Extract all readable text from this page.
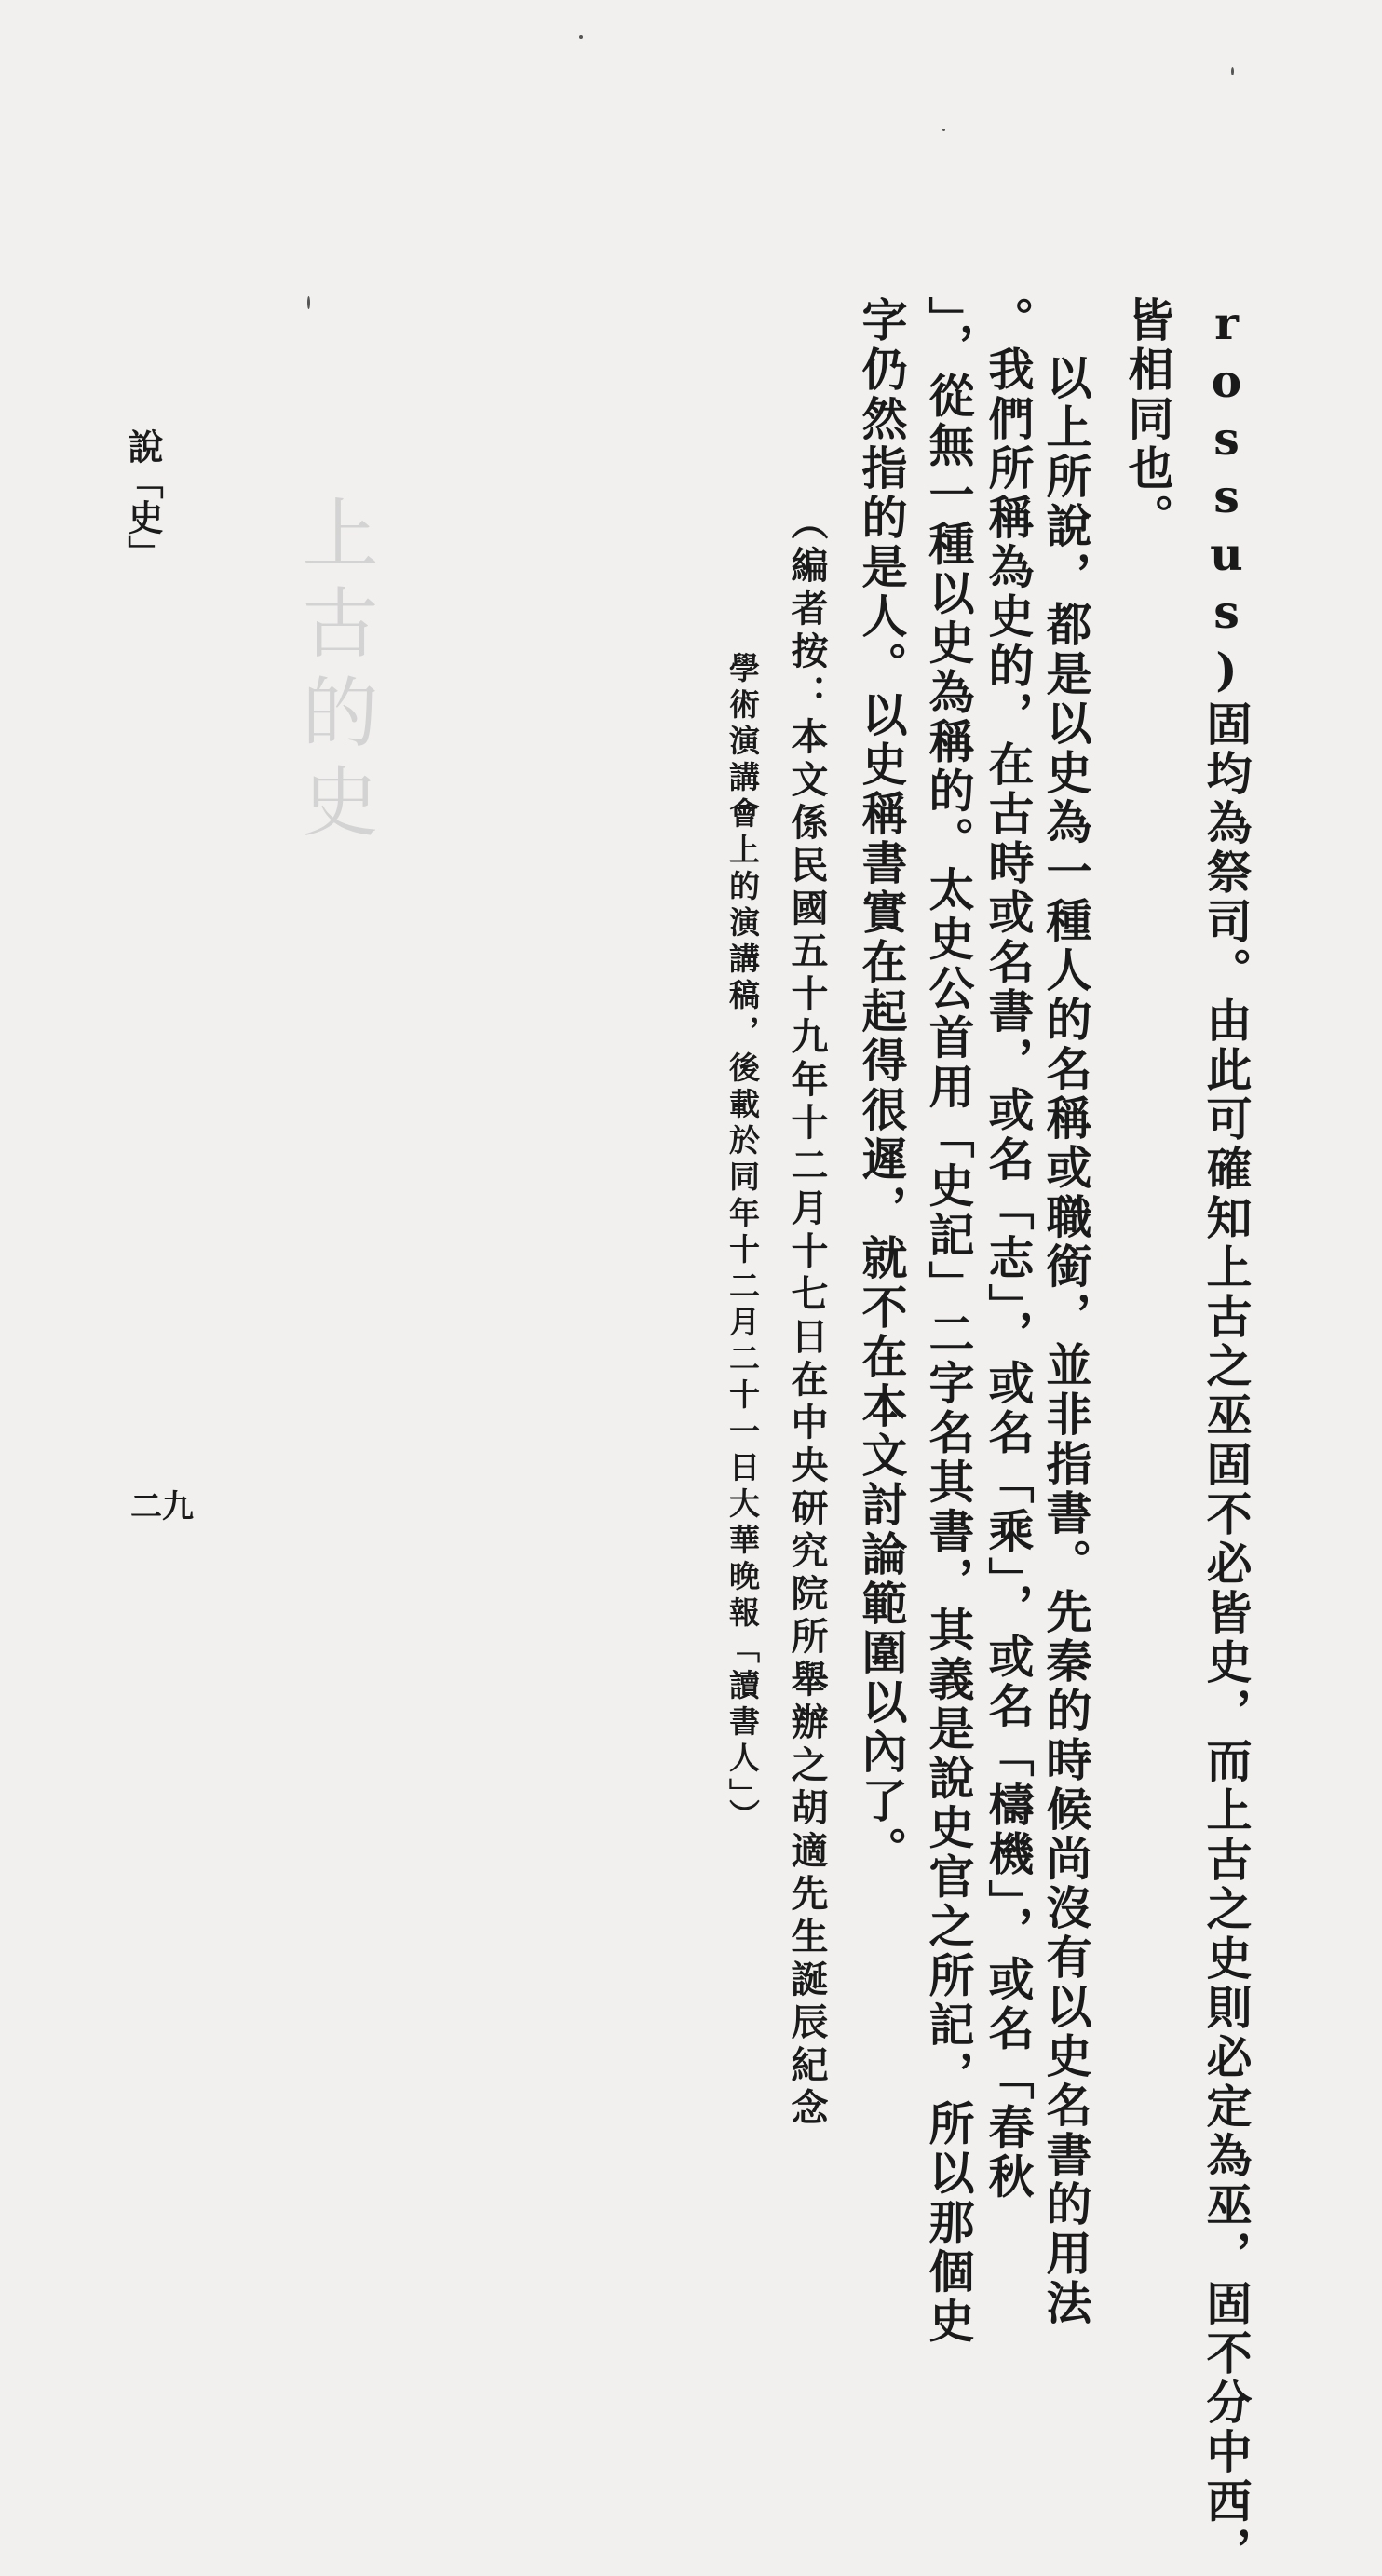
rossus)固均為祭司。由此可確知上古之巫固不必皆史，而上古之史則必定為巫，固不分中西，
皆相同也。
以上所說，都是以史為一種人的名稱或職銜，並非指書。先秦的時候尚沒有以史名書的用法
。我們所稱為史的，在古時或名書，或名「志」，或名「乘」，或名「檮機」，或名「春秋
」，從無一種以史為稱的。太史公首用「史記」二字名其書，其義是說史官之所記，所以那個史
字仍然指的是人。以史稱書實在起得很遲，就不在本文討論範圍以內了。
（編者按：本文係民國五十九年十二月十七日在中央研究院所舉辦之胡適先生誕辰紀念
學術演講會上的演講稿，後載於同年十二月二十一日大華晚報「讀書人」）

上古的史
說「史」
二九
